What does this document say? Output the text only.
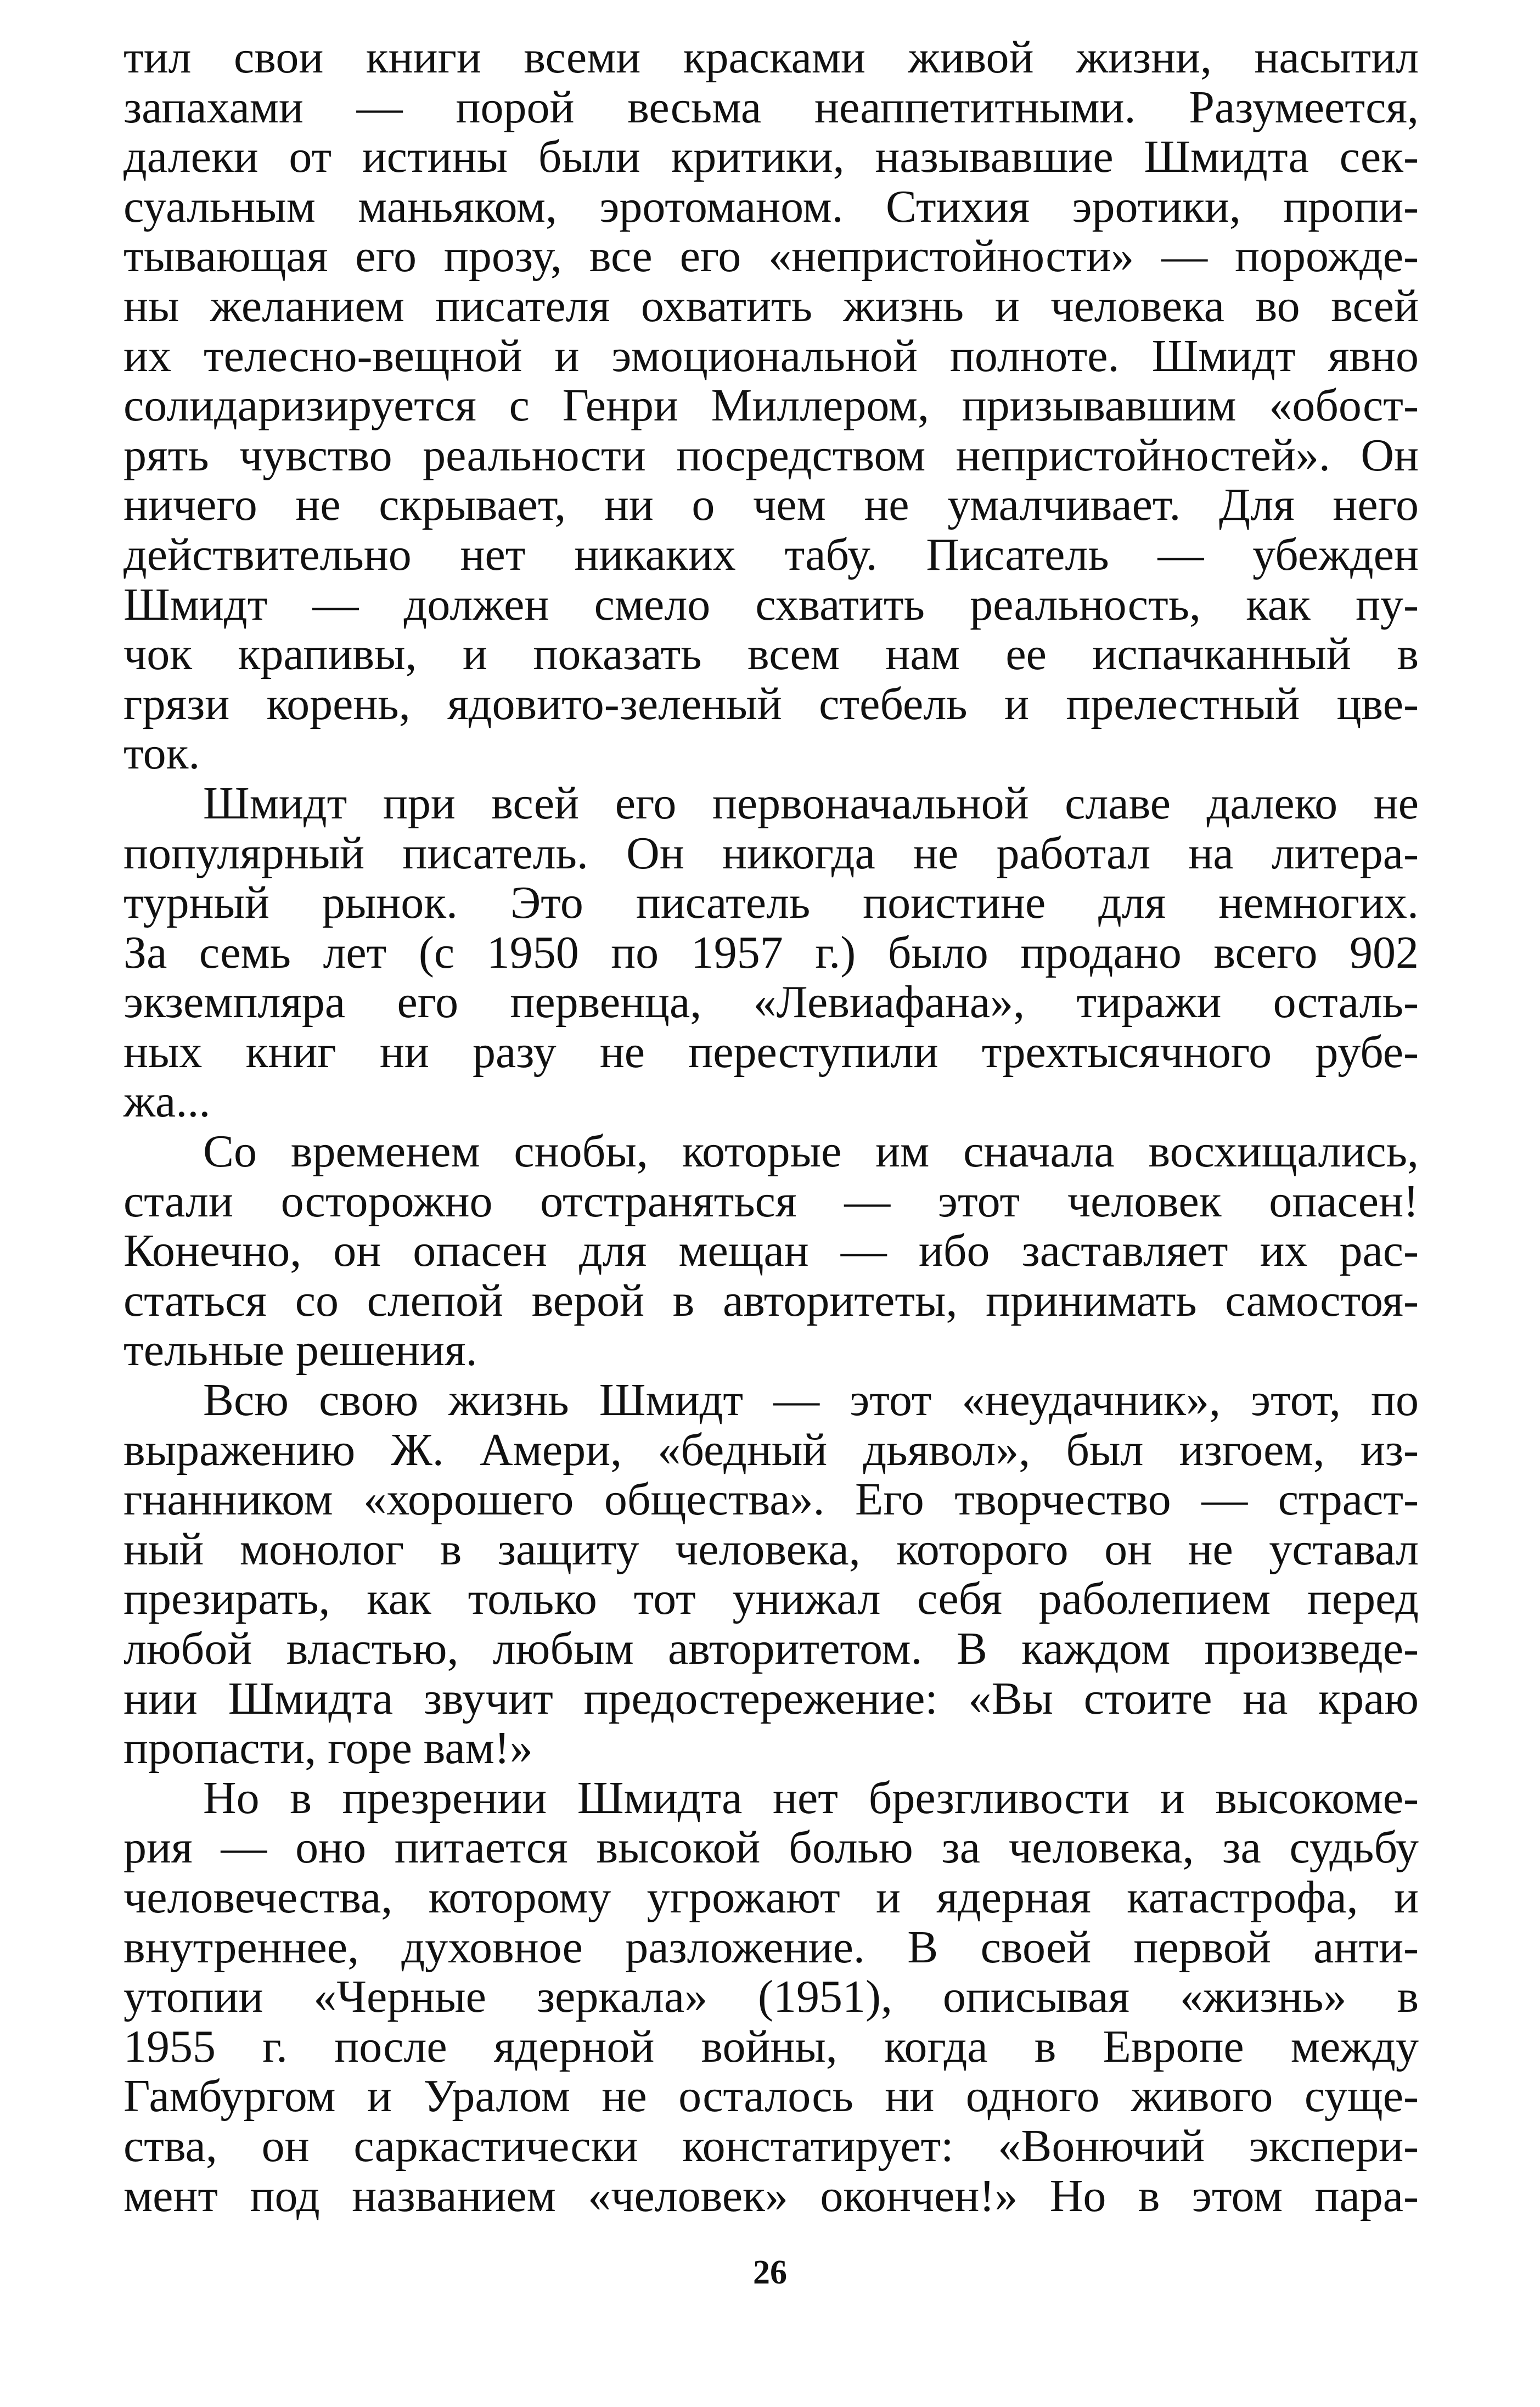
тил свои книги всеми красками живой жизни, насытил
запахами — порой весьма неаппетитными. Разумеется,
далеки от истины были критики, называвшие Шмидта сек-
суальным маньяком, эротоманом. Стихия эротики, пропи-
тывающая его прозу, все его «непристойности» — порожде-
ны желанием писателя охватить жизнь и человека во всей
их телесно-вещной и эмоциональной полноте. Шмидт явно
солидаризируется с Генри Миллером, призывавшим «обост-
рять чувство реальности посредством непристойностей». Он
ничего не скрывает, ни о чем не умалчивает. Для него
действительно нет никаких табу. Писатель — убежден
Шмидт — должен смело схватить реальность, как пу-
чок крапивы, и показать всем нам ее испачканный в
грязи корень, ядовито-зеленый стебель и прелестный цве-
ток.
Шмидт при всей его первоначальной славе далеко не
популярный писатель. Он никогда не работал на литера-
турный рынок. Это писатель поистине для немногих.
За семь лет (с 1950 по 1957 г.) было продано всего 902
экземпляра его первенца, «Левиафана», тиражи осталь-
ных книг ни разу не переступили трехтысячного рубе-
жа...
Со временем снобы, которые им сначала восхищались,
стали осторожно отстраняться — этот человек опасен!
Конечно, он опасен для мещан — ибо заставляет их рас-
статься со слепой верой в авторитеты, принимать самостоя-
тельные решения.
Всю свою жизнь Шмидт — этот «неудачник», этот, по
выражению Ж. Амери, «бедный дьявол», был изгоем, из-
гнанником «хорошего общества». Его творчество — страст-
ный монолог в защиту человека, которого он не уставал
презирать, как только тот унижал себя раболепием перед
любой властью, любым авторитетом. В каждом произведе-
нии Шмидта звучит предостережение: «Вы стоите на краю
пропасти, горе вам!»
Но в презрении Шмидта нет брезгливости и высокоме-
рия — оно питается высокой болью за человека, за судьбу
человечества, которому угрожают и ядерная катастрофа, и
внутреннее, духовное разложение. В своей первой анти-
утопии «Черные зеркала» (1951), описывая «жизнь» в
1955 г. после ядерной войны, когда в Европе между
Гамбургом и Уралом не осталось ни одного живого суще-
ства, он саркастически констатирует: «Вонючий экспери-
мент под названием «человек» окончен!» Но в этом пара-
26
